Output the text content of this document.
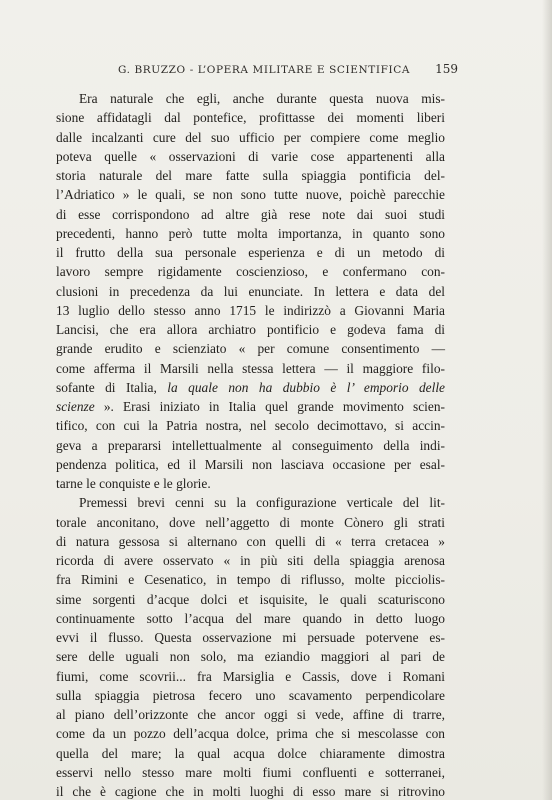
G. BRUZZO - L’OPERA MILITARE E SCIENTIFICA 159
Era naturale che egli, anche durante questa nuova mis-
sione affidatagli dal pontefice, profittasse dei momenti liberi
dalle incalzanti cure del suo ufficio per compiere come meglio
poteva quelle « osservazioni di varie cose appartenenti alla
storia naturale del mare fatte sulla spiaggia pontificia del-
l’Adriatico » le quali, se non sono tutte nuove, poichè parecchie
di esse corrispondono ad altre già rese note dai suoi studi
precedenti, hanno però tutte molta importanza, in quanto sono
il frutto della sua personale esperienza e di un metodo di
lavoro sempre rigidamente coscienzioso, e confermano con-
clusioni in precedenza da lui enunciate. In lettera e data del
13 luglio dello stesso anno 1715 le indirizzò a Giovanni Maria
Lancisi, che era allora archiatro pontificio e godeva fama di
grande erudito e scienziato « per comune consentimento —
come afferma il Marsili nella stessa lettera — il maggiore filo-
sofante di Italia, la quale non ha dubbio è l’ emporio delle
scienze ». Erasi iniziato in Italia quel grande movimento scien-
tifico, con cui la Patria nostra, nel secolo decimottavo, si accin-
geva a prepararsi intellettualmente al conseguimento della indi-
pendenza politica, ed il Marsili non lasciava occasione per esal-
tarne le conquiste e le glorie.
Premessi brevi cenni su la configurazione verticale del lit-
torale anconitano, dove nell’aggetto di monte Cònero gli strati
di natura gessosa si alternano con quelli di « terra cretacea »
ricorda di avere osservato « in più siti della spiaggia arenosa
fra Rimini e Cesenatico, in tempo di riflusso, molte picciolis-
sime sorgenti d’acque dolci et isquisite, le quali scaturiscono
continuamente sotto l’acqua del mare quando in detto luogo
evvi il flusso. Questa osservazione mi persuade potervene es-
sere delle uguali non solo, ma eziandio maggiori al pari de
fiumi, come scovrii... fra Marsiglia e Cassis, dove i Romani
sulla spiaggia pietrosa fecero uno scavamento perpendicolare
al piano dell’orizzonte che ancor oggi si vede, affine di trarre,
come da un pozzo dell’acqua dolce, prima che si mescolasse con
quella del mare; la qual acqua dolce chiaramente dimostra
esservi nello stesso mare molti fiumi confluenti e sotterranei,
il che è cagione che in molti luoghi di esso mare si ritrovino
